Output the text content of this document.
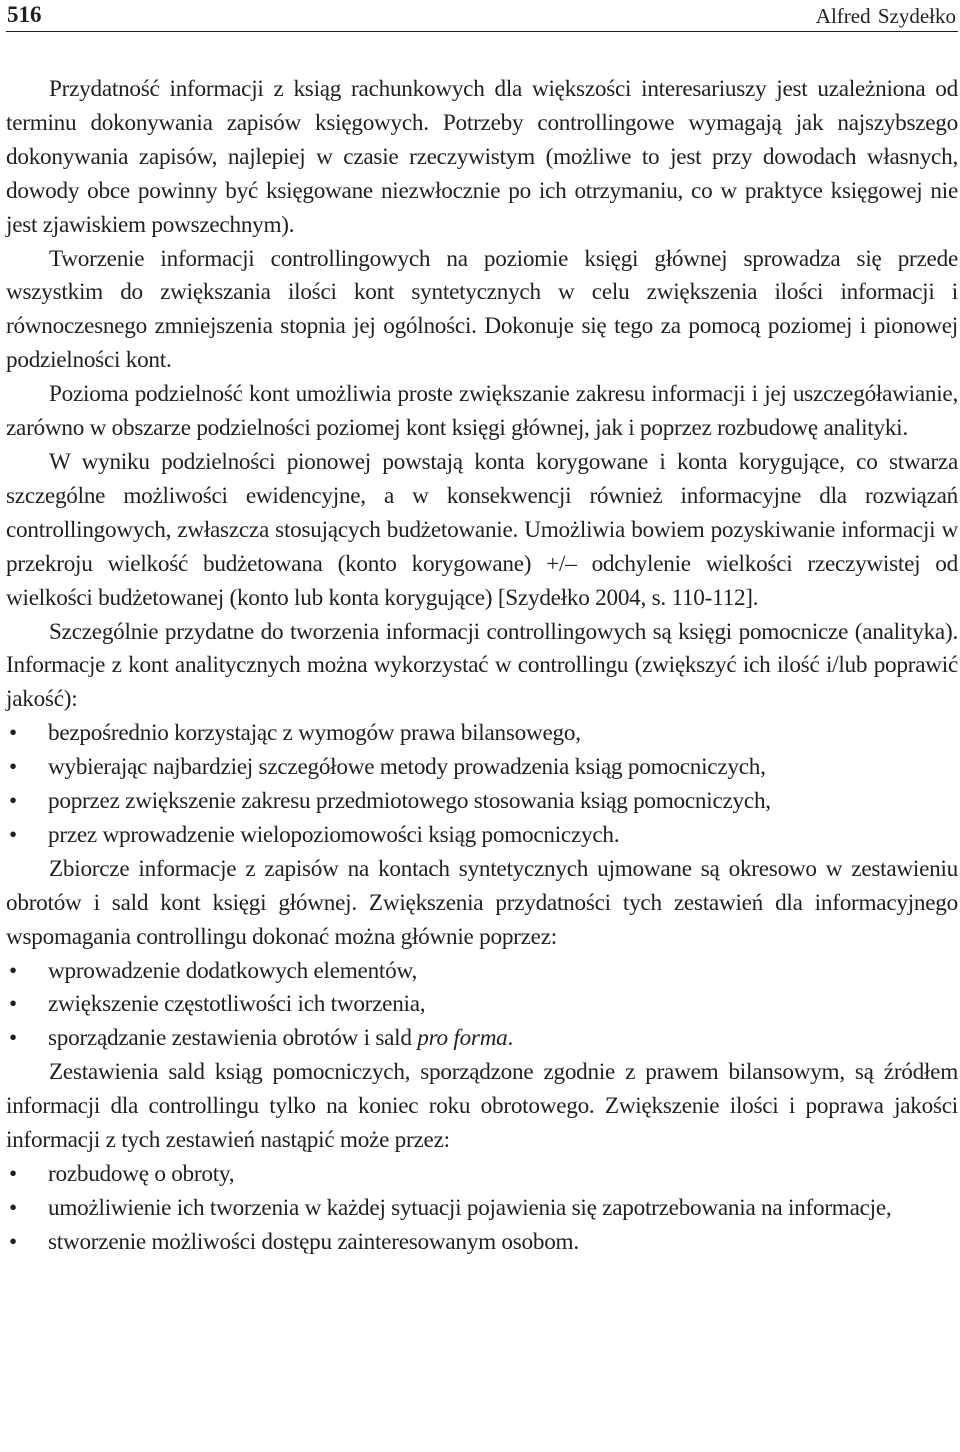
516	Alfred Szydełko

Przydatność informacji z ksiąg rachunkowych dla większości interesariuszy jest uzależniona od terminu dokonywania zapisów księgowych. Potrzeby controllingowe wymagają jak najszybszego dokonywania zapisów, najlepiej w czasie rzeczywistym (możliwe to jest przy dowodach własnych, dowody obce powinny być księgowane niezwłocznie po ich otrzymaniu, co w praktyce księgowej nie jest zjawiskiem powszechnym).

Tworzenie informacji controllingowych na poziomie księgi głównej sprowadza się przede wszystkim do zwiększania ilości kont syntetycznych w celu zwiększenia ilości informacji i równoczesnego zmniejszenia stopnia jej ogólności. Dokonuje się tego za pomocą poziomej i pionowej podzielności kont.

Pozioma podzielność kont umożliwia proste zwiększanie zakresu informacji i jej uszczegóławianie, zarówno w obszarze podzielności poziomej kont księgi głównej, jak i poprzez rozbudowę analityki.

W wyniku podzielności pionowej powstają konta korygowane i konta korygujące, co stwarza szczególne możliwości ewidencyjne, a w konsekwencji również informacyjne dla rozwiązań controllingowych, zwłaszcza stosujących budżetowanie. Umożliwia bowiem pozyskiwanie informacji w przekroju wielkość budżetowana (konto korygowane) +/– odchylenie wielkości rzeczywistej od wielkości budżetowanej (konto lub konta korygujące) [Szydełko 2004, s. 110-112].

Szczególnie przydatne do tworzenia informacji controllingowych są księgi pomocnicze (analityka). Informacje z kont analitycznych można wykorzystać w controllingu (zwiększyć ich ilość i/lub poprawić jakość):

• bezpośrednio korzystając z wymogów prawa bilansowego,
• wybierając najbardziej szczegółowe metody prowadzenia ksiąg pomocniczych,
• poprzez zwiększenie zakresu przedmiotowego stosowania ksiąg pomocniczych,
• przez wprowadzenie wielopoziomowości ksiąg pomocniczych.

Zbiorcze informacje z zapisów na kontach syntetycznych ujmowane są okresowo w zestawieniu obrotów i sald kont księgi głównej. Zwiększenia przydatności tych zestawień dla informacyjnego wspomagania controllingu dokonać można głównie poprzez:

• wprowadzenie dodatkowych elementów,
• zwiększenie częstotliwości ich tworzenia,
• sporządzanie zestawienia obrotów i sald pro forma.

Zestawienia sald ksiąg pomocniczych, sporządzone zgodnie z prawem bilansowym, są źródłem informacji dla controllingu tylko na koniec roku obrotowego. Zwiększenie ilości i poprawa jakości informacji z tych zestawień nastąpić może przez:

• rozbudowę o obroty,
• umożliwienie ich tworzenia w każdej sytuacji pojawienia się zapotrzebowania na informacje,
• stworzenie możliwości dostępu zainteresowanym osobom.
